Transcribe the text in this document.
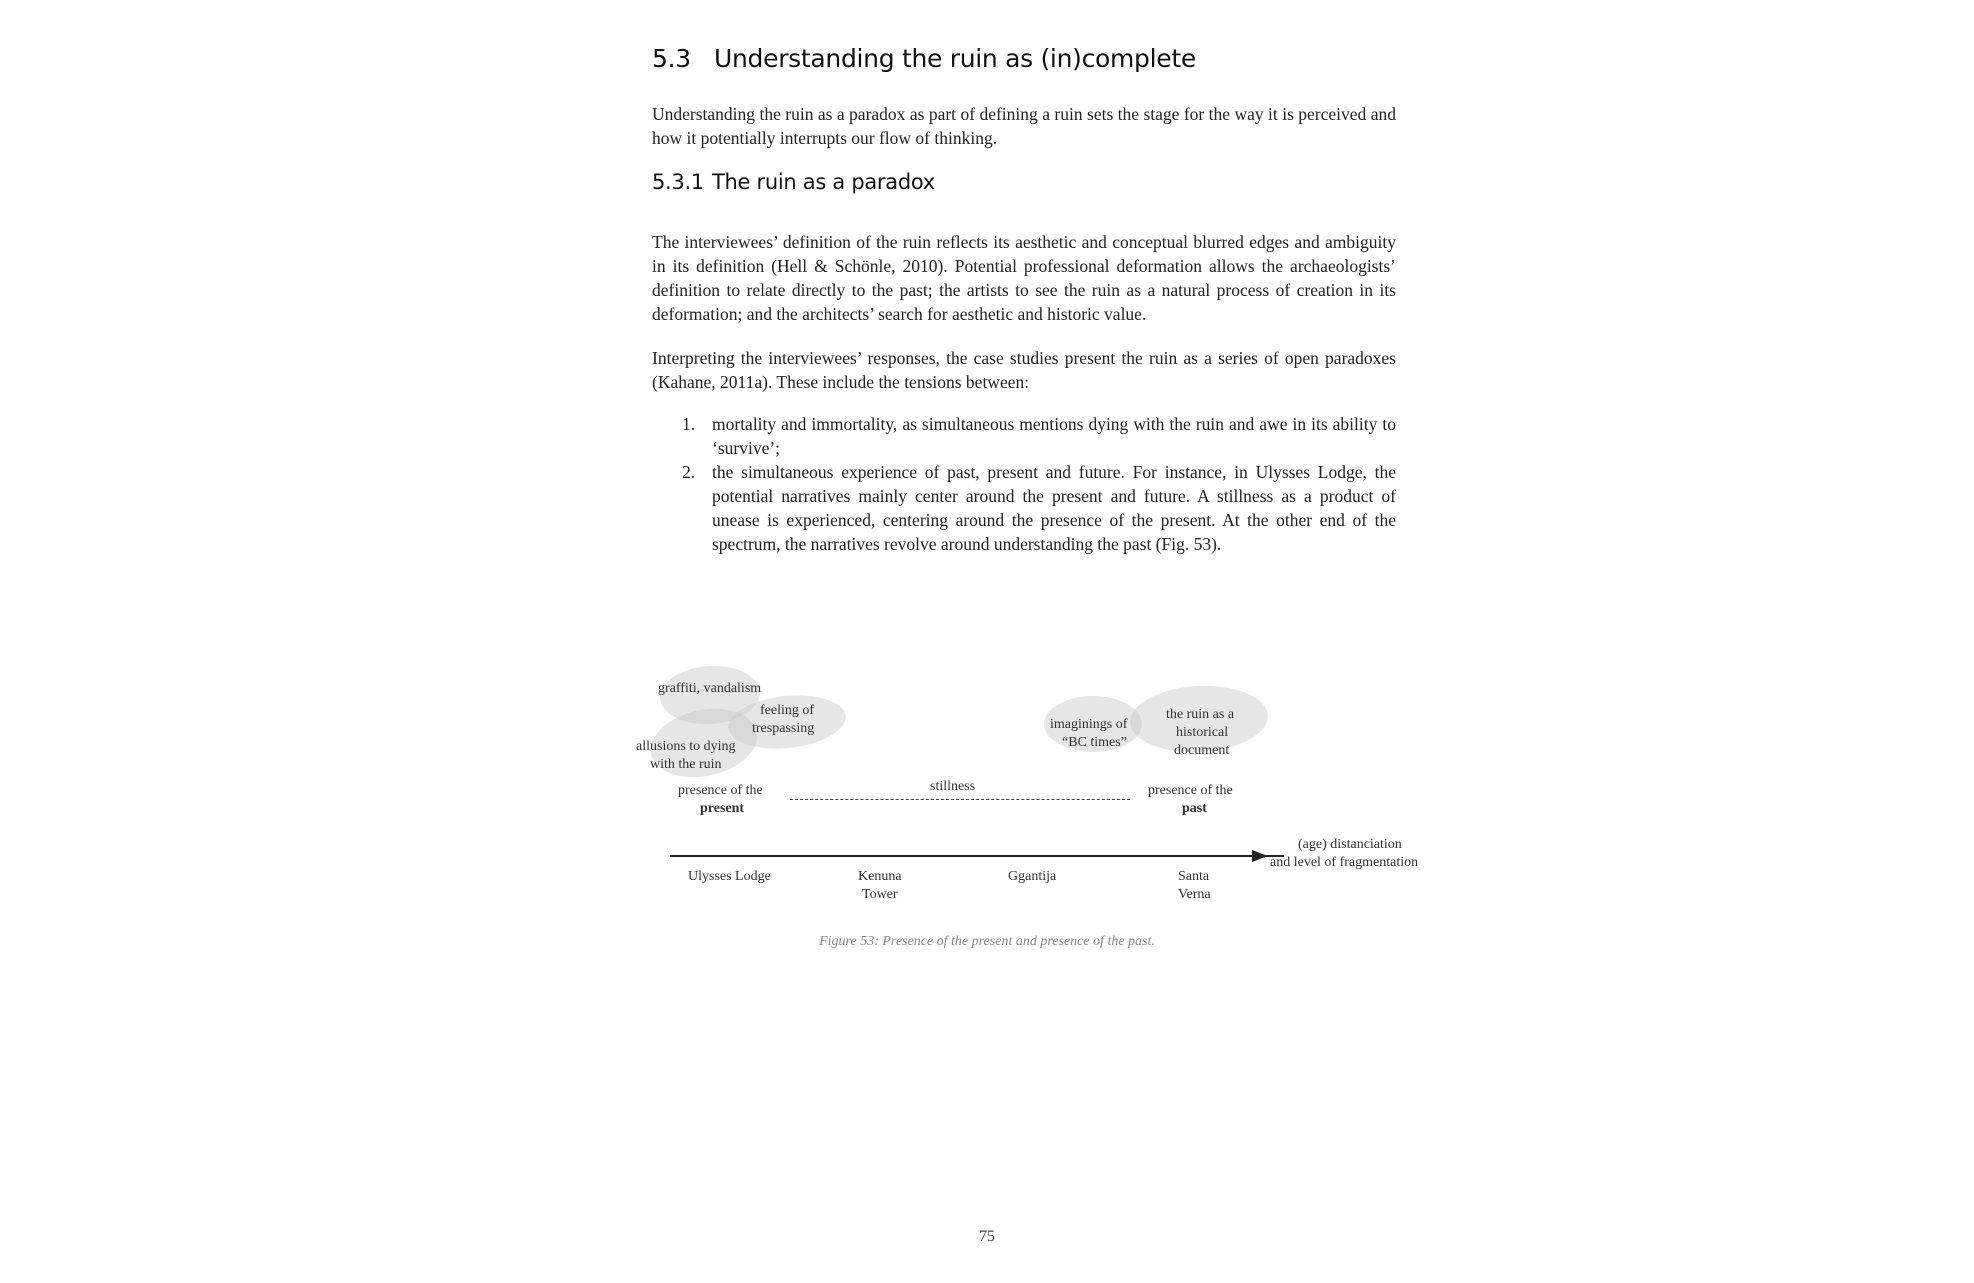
5.3 Understanding the ruin as (in)complete
Understanding the ruin as a paradox as part of defining a ruin sets the stage for the way it is perceived and how it potentially interrupts our flow of thinking.
5.3.1 The ruin as a paradox
The interviewees’ definition of the ruin reflects its aesthetic and conceptual blurred edges and ambiguity in its definition (Hell & Schönle, 2010). Potential professional deformation allows the archaeologists’ definition to relate directly to the past; the artists to see the ruin as a natural process of creation in its deformation; and the architects’ search for aesthetic and historic value.
Interpreting the interviewees’ responses, the case studies present the ruin as a series of open paradoxes (Kahane, 2011a). These include the tensions between:
1. mortality and immortality, as simultaneous mentions dying with the ruin and awe in its ability to ‘survive’;
2. the simultaneous experience of past, present and future. For instance, in Ulysses Lodge, the potential narratives mainly center around the present and future. A stillness as a product of unease is experienced, centering around the presence of the present. At the other end of the spectrum, the narratives revolve around understanding the past (Fig. 53).
graffiti, vandalism
feeling of
trespassing
allusions to dying
with the ruin
imaginings of
“BC times”
the ruin as a
historical
document
presence of the
present
presence of the
past
stillness
(age) distanciation
and level of fragmentation
Ulysses Lodge	Kenuna
Tower
Ggantija	Santa
Verna
Figure 53: Presence of the present and presence of the past.
75
